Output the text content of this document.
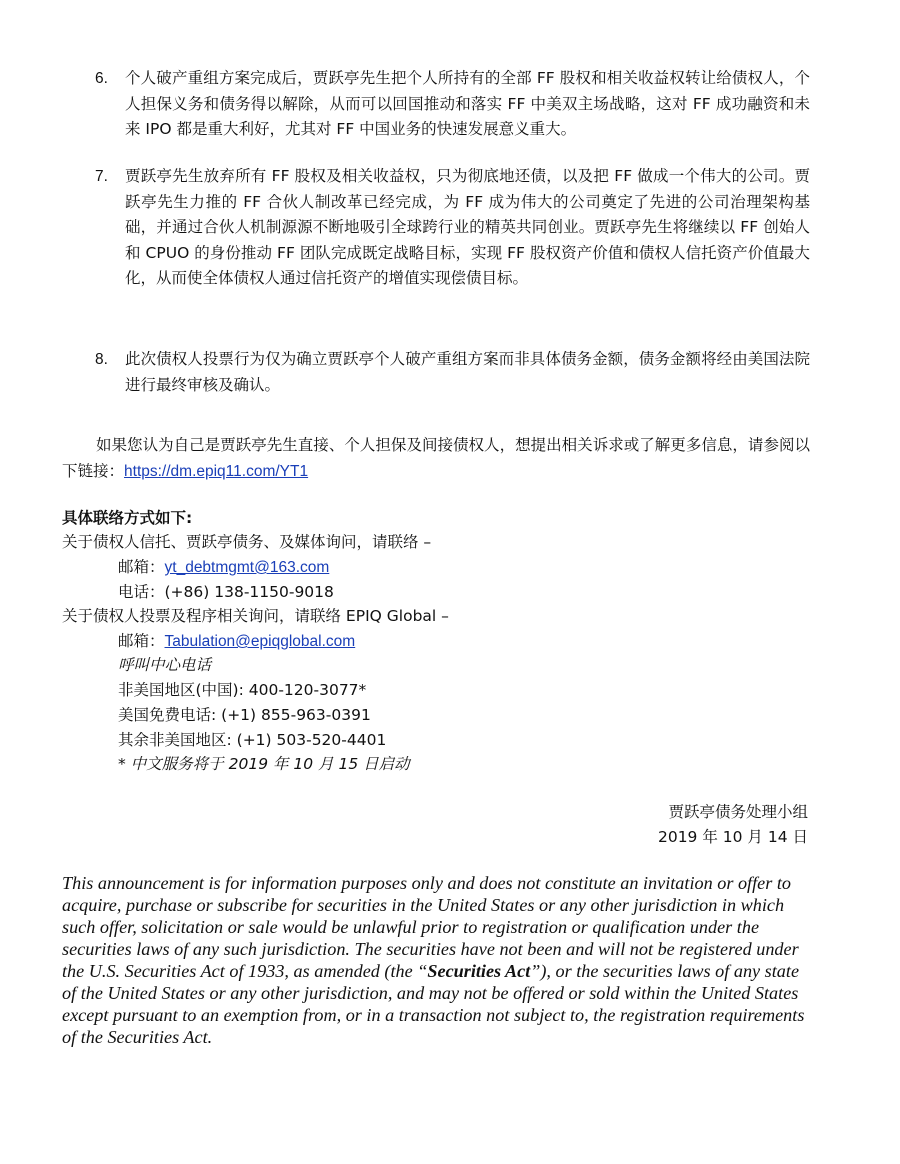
6.	个人破产重组方案完成后，贾跃亭先生把个人所持有的全部 FF 股权和相关收益权转让给债权人，个人担保义务和债务得以解除，从而可以回国推动和落实 FF 中美双主场战略，这对 FF 成功融资和未来 IPO 都是重大利好，尤其对 FF 中国业务的快速发展意义重大。
7.	贾跃亭先生放弃所有 FF 股权及相关收益权，只为彻底地还债，以及把 FF 做成一个伟大的公司。贾跃亭先生力推的 FF 合伙人制改革已经完成，为 FF 成为伟大的公司奠定了先进的公司治理架构基础，并通过合伙人机制源源不断地吸引全球跨行业的精英共同创业。贾跃亭先生将继续以 FF 创始人和 CPUO 的身份推动 FF 团队完成既定战略目标，实现 FF 股权资产价值和债权人信托资产价值最大化，从而使全体债权人通过信托资产的增值实现偿债目标。
8.	此次债权人投票行为仅为确立贾跃亭个人破产重组方案而非具体债务金额，债务金额将经由美国法院进行最终审核及确认。
如果您认为自己是贾跃亭先生直接、个人担保及间接债权人，想提出相关诉求或了解更多信息，请参阅以下链接：https://dm.epiq11.com/YT1
具体联络方式如下:
关于债权人信托、贾跃亭债务、及媒体询问，请联络 –
邮箱：yt_debtmgmt@163.com
电话：(+86) 138-1150-9018
关于债权人投票及程序相关询问，请联络 EPIQ Global –
邮箱：Tabulation@epiqglobal.com
呼叫中心电话
非美国地区(中国): 400-120-3077*
美国免费电话: (+1) 855-963-0391
其余非美国地区: (+1) 503-520-4401
* 中文服务将于 2019 年 10 月 15 日启动
贾跃亭债务处理小组
2019 年 10 月 14 日

This announcement is for information purposes only and does not constitute an invitation or offer to acquire, purchase or subscribe for securities in the United States or any other jurisdiction in which such offer, solicitation or sale would be unlawful prior to registration or qualification under the securities laws of any such jurisdiction. The securities have not been and will not be registered under the U.S. Securities Act of 1933, as amended (the “Securities Act”), or the securities laws of any state of the United States or any other jurisdiction, and may not be offered or sold within the United States except pursuant to an exemption from, or in a transaction not subject to, the registration requirements of the Securities Act.
